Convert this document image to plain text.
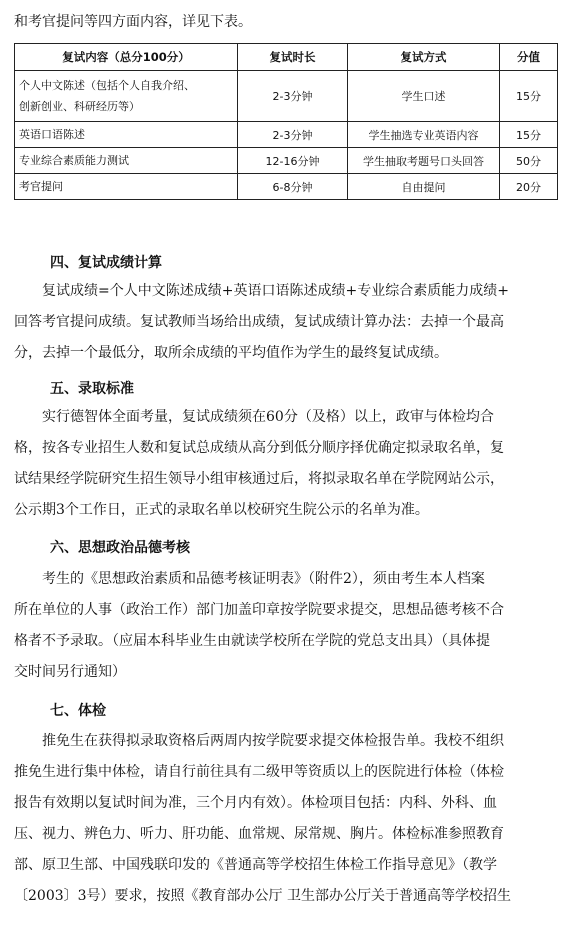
和考官提问等四方面内容，详见下表。
复试内容（总分100分）	复试时长	复试方式	分值

个人中文陈述（包括个人自我介绍、
创新创业、科研经历等）	2-3分钟	学生口述	15分
英语口语陈述	2-3分钟	学生抽选专业英语内容	15分
专业综合素质能力测试	12-16分钟	学生抽取考题号口头回答	50分
考官提问	6-8分钟	自由提问	20分
四、复试成绩计算
复试成绩=个人中文陈述成绩+英语口语陈述成绩+专业综合素质能力成绩+
回答考官提问成绩。复试教师当场给出成绩，复试成绩计算办法：去掉一个最高
分，去掉一个最低分，取所余成绩的平均值作为学生的最终复试成绩。
五、录取标准
实行德智体全面考量，复试成绩须在60分（及格）以上，政审与体检均合
格，按各专业招生人数和复试总成绩从高分到低分顺序择优确定拟录取名单，复
试结果经学院研究生招生领导小组审核通过后，将拟录取名单在学院网站公示，
公示期3个工作日，正式的录取名单以校研究生院公示的名单为准。
六、思想政治品德考核
考生的《思想政治素质和品德考核证明表》（附件2），须由考生本人档案
所在单位的人事（政治工作）部门加盖印章按学院要求提交，思想品德考核不合
格者不予录取。（应届本科毕业生由就读学校所在学院的党总支出具）（具体提
交时间另行通知）
七、体检
推免生在获得拟录取资格后两周内按学院要求提交体检报告单。我校不组织
推免生进行集中体检，请自行前往具有二级甲等资质以上的医院进行体检（体检
报告有效期以复试时间为准，三个月内有效）。体检项目包括：内科、外科、血
压、视力、辨色力、听力、肝功能、血常规、尿常规、胸片。体检标准参照教育
部、原卫生部、中国残联印发的《普通高等学校招生体检工作指导意见》（教学
〔2003〕3号）要求，按照《教育部办公厅 卫生部办公厅关于普通高等学校招生
